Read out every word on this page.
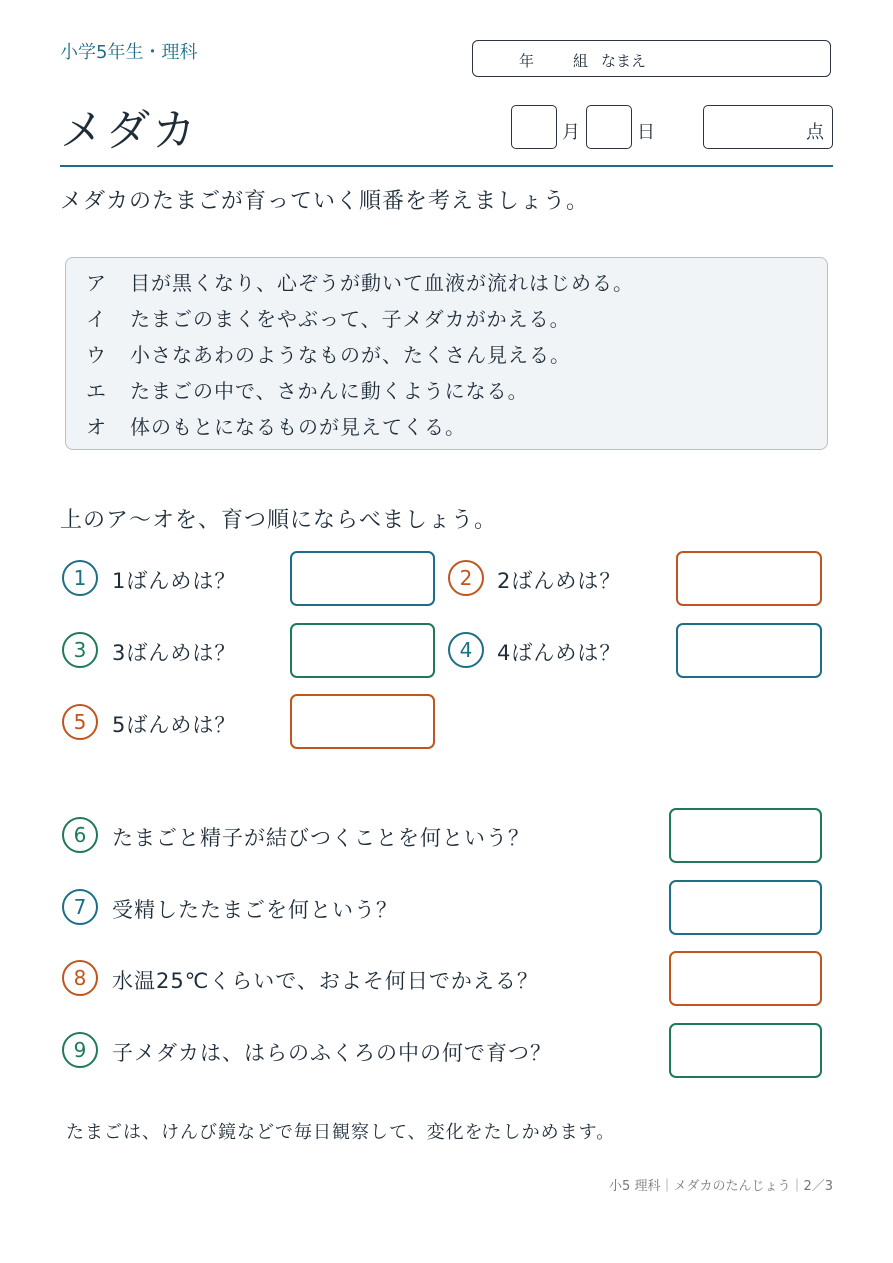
小学5年生・理科	年	組 なまえ
メダカ	月	日	点
メダカのたまごが育っていく順番を考えましょう。
ア	目が黒くなり、心ぞうが動いて血液が流れはじめる。
イ	たまごのまくをやぶって、子メダカがかえる。
ウ	小さなあわのようなものが、たくさん見える。
エ	たまごの中で、さかんに動くようになる。
オ	体のもとになるものが見えてくる。
上のア〜オを、育つ順にならべましょう。
1	1ばんめは？	2	2ばんめは？
3	3ばんめは？	4	4ばんめは？
5	5ばんめは？
6	たまごと精子が結びつくことを何という？
7	受精したたまごを何という？
8	水温25℃くらいで、およそ何日でかえる？
9	子メダカは、はらのふくろの中の何で育つ？
たまごは、けんび鏡などで毎日観察して、変化をたしかめます。
小5 理科｜メダカのたんじょう｜2／3
